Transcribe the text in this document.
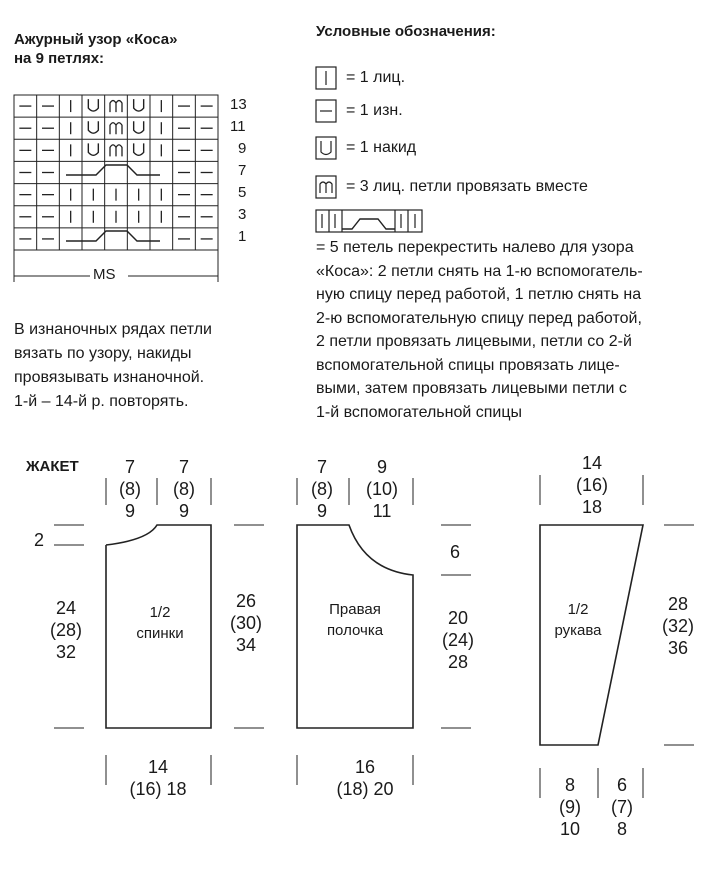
Ажурный узор «Коса»
на 9 петлях:
13
11
9
7
5
3
1
MS
В изнаночных рядах петли
вязать по узору, накиды
провязывать изнаночной.
1-й – 14-й р. повторять.
Условные обозначения:
= 1 лиц.
= 1 изн.
= 1 накид
= 3 лиц. петли провязать вместе
= 5 петель перекрестить налево для узора
«Коса»: 2 петли снять на 1-ю вспомогатель-
ную спицу перед работой, 1 петлю снять на
2-ю вспомогательную спицу перед работой,
2 петли провязать лицевыми, петли со 2-й
вспомогательной спицы провязать лице-
выми, затем провязать лицевыми петли с
1-й вспомогательной спицы
ЖАКЕТ	7
(8)
9
7
(8)
9
2
24
(28)
32
26
(30)
34
1/2
спинки
14
(16) 18
7
(8)
9
9
(10)
11
6
20
(24)
28
Правая
полочка
16
(18) 20
14
(16)
18
28
(32)
36
1/2
рукава
8
(9)
10
6
(7)
8
